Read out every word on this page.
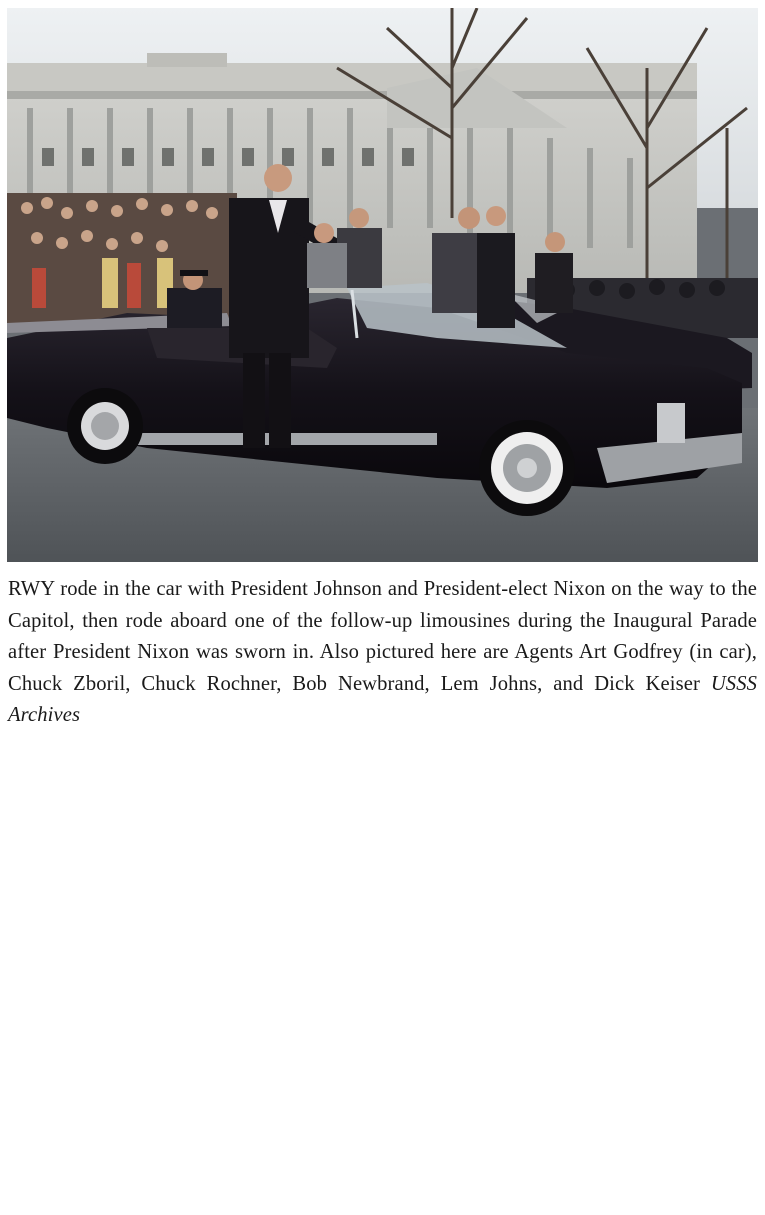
RWY rode in the car with President Johnson and President-elect Nixon on the way to the Capitol, then rode aboard one of the follow-up limousines during the Inaugural Parade after President Nixon was sworn in. Also pictured here are Agents Art Godfrey (in car), Chuck Zboril, Chuck Rochner, Bob Newbrand, Lem Johns, and Dick Keiser USSS Archives
